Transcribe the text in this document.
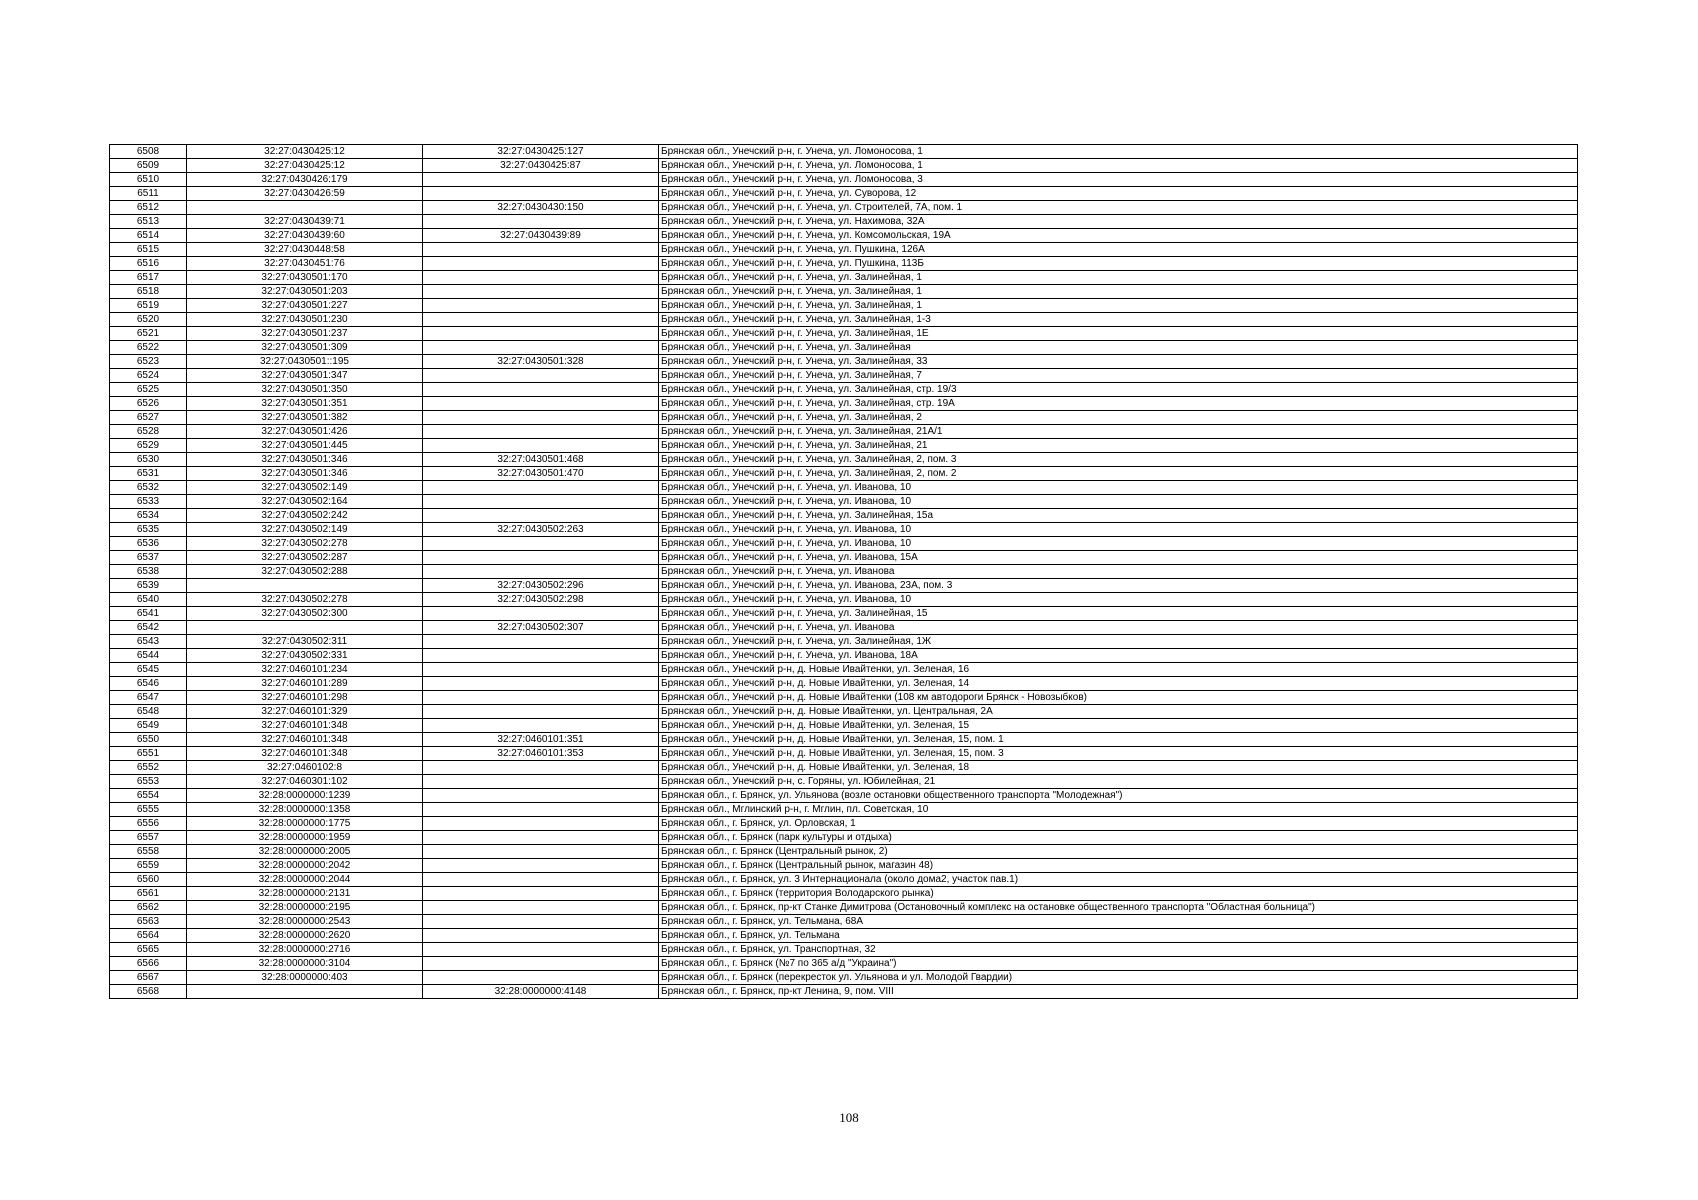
6508	32:27:0430425:12	32:27:0430425:127	Брянская обл., Унечский р-н, г. Унеча, ул. Ломоносова, 1
6509	32:27:0430425:12	32:27:0430425:87	Брянская обл., Унечский р-н, г. Унеча, ул. Ломоносова, 1
6510	32:27:0430426:179		Брянская обл., Унечский р-н, г. Унеча, ул. Ломоносова, 3
6511	32:27:0430426:59		Брянская обл., Унечский р-н, г. Унеча, ул. Суворова, 12
6512		32:27:0430430:150	Брянская обл., Унечский р-н, г. Унеча, ул. Строителей, 7А, пом. 1
6513	32:27:0430439:71		Брянская обл., Унечский р-н, г. Унеча, ул. Нахимова, 32А
6514	32:27:0430439:60	32:27:0430439:89	Брянская обл., Унечский р-н, г. Унеча, ул. Комсомольская, 19А
6515	32:27:0430448:58		Брянская обл., Унечский р-н, г. Унеча, ул. Пушкина, 126А
6516	32:27:0430451:76		Брянская обл., Унечский р-н, г. Унеча, ул. Пушкина, 113Б
6517	32:27:0430501:170		Брянская обл., Унечский р-н, г. Унеча, ул. Залинейная, 1
6518	32:27:0430501:203		Брянская обл., Унечский р-н, г. Унеча, ул. Залинейная, 1
6519	32:27:0430501:227		Брянская обл., Унечский р-н, г. Унеча, ул. Залинейная, 1
6520	32:27:0430501:230		Брянская обл., Унечский р-н, г. Унеча, ул. Залинейная, 1-3
6521	32:27:0430501:237		Брянская обл., Унечский р-н, г. Унеча, ул. Залинейная, 1Е
6522	32:27:0430501:309		Брянская обл., Унечский р-н, г. Унеча, ул. Залинейная
6523	32:27:0430501::195	32:27:0430501:328	Брянская обл., Унечский р-н, г. Унеча, ул. Залинейная, 33
6524	32:27:0430501:347		Брянская обл., Унечский р-н, г. Унеча, ул. Залинейная, 7
6525	32:27:0430501:350		Брянская обл., Унечский р-н, г. Унеча, ул. Залинейная, стр. 19/3
6526	32:27:0430501:351		Брянская обл., Унечский р-н, г. Унеча, ул. Залинейная, стр. 19А
6527	32:27:0430501:382		Брянская обл., Унечский р-н, г. Унеча, ул. Залинейная, 2
6528	32:27:0430501:426		Брянская обл., Унечский р-н, г. Унеча, ул. Залинейная, 21А/1
6529	32:27:0430501:445		Брянская обл., Унечский р-н, г. Унеча, ул. Залинейная, 21
6530	32:27:0430501:346	32:27:0430501:468	Брянская обл., Унечский р-н, г. Унеча, ул. Залинейная, 2, пом. 3
6531	32:27:0430501:346	32:27:0430501:470	Брянская обл., Унечский р-н, г. Унеча, ул. Залинейная, 2, пом. 2
6532	32:27:0430502:149		Брянская обл., Унечский р-н, г. Унеча, ул. Иванова, 10
6533	32:27:0430502:164		Брянская обл., Унечский р-н, г. Унеча, ул. Иванова, 10
6534	32:27:0430502:242		Брянская обл., Унечский р-н, г. Унеча, ул. Залинейная, 15а
6535	32:27:0430502:149	32:27:0430502:263	Брянская обл., Унечский р-н, г. Унеча, ул. Иванова, 10
6536	32:27:0430502:278		Брянская обл., Унечский р-н, г. Унеча, ул. Иванова, 10
6537	32:27:0430502:287		Брянская обл., Унечский р-н, г. Унеча, ул. Иванова, 15А
6538	32:27:0430502:288		Брянская обл., Унечский р-н, г. Унеча, ул. Иванова
6539		32:27:0430502:296	Брянская обл., Унечский р-н, г. Унеча, ул. Иванова, 23А, пом. 3
6540	32:27:0430502:278	32:27:0430502:298	Брянская обл., Унечский р-н, г. Унеча, ул. Иванова, 10
6541	32:27:0430502:300		Брянская обл., Унечский р-н, г. Унеча, ул. Залинейная, 15
6542		32:27:0430502:307	Брянская обл., Унечский р-н, г. Унеча, ул. Иванова
6543	32:27:0430502:311		Брянская обл., Унечский р-н, г. Унеча, ул. Залинейная, 1Ж
6544	32:27:0430502:331		Брянская обл., Унечский р-н, г. Унеча, ул. Иванова, 18А
6545	32:27:0460101:234		Брянская обл., Унечский р-н, д. Новые Ивайтенки, ул. Зеленая, 16
6546	32:27:0460101:289		Брянская обл., Унечский р-н, д. Новые Ивайтенки, ул. Зеленая, 14
6547	32:27:0460101:298		Брянская обл., Унечский р-н, д. Новые Ивайтенки (108 км автодороги Брянск - Новозыбков)
6548	32:27:0460101:329		Брянская обл., Унечский р-н, д. Новые Ивайтенки, ул. Центральная, 2А
6549	32:27:0460101:348		Брянская обл., Унечский р-н, д. Новые Ивайтенки, ул. Зеленая, 15
6550	32:27:0460101:348	32:27:0460101:351	Брянская обл., Унечский р-н, д. Новые Ивайтенки, ул. Зеленая, 15, пом. 1
6551	32:27:0460101:348	32:27:0460101:353	Брянская обл., Унечский р-н, д. Новые Ивайтенки, ул. Зеленая, 15, пом. 3
6552	32:27:0460102:8		Брянская обл., Унечский р-н, д. Новые Ивайтенки, ул. Зеленая, 18
6553	32:27:0460301:102		Брянская обл., Унечский р-н, с. Горяны, ул. Юбилейная, 21
6554	32:28:0000000:1239		Брянская обл., г. Брянск, ул. Ульянова (возле остановки общественного транспорта "Молодежная")
6555	32:28:0000000:1358		Брянская обл., Мглинский р-н, г. Мглин, пл. Советская, 10
6556	32:28:0000000:1775		Брянская обл., г. Брянск, ул. Орловская, 1
6557	32:28:0000000:1959		Брянская обл., г. Брянск (парк культуры и отдыха)
6558	32:28:0000000:2005		Брянская обл., г. Брянск (Центральный рынок, 2)
6559	32:28:0000000:2042		Брянская обл., г. Брянск (Центральный рынок, магазин 48)
6560	32:28:0000000:2044		Брянская обл., г. Брянск, ул. 3 Интернационала (около дома2, участок пав.1)
6561	32:28:0000000:2131		Брянская обл., г. Брянск (территория Володарского рынка)
6562	32:28:0000000:2195		Брянская обл., г. Брянск, пр-кт Станке Димитрова (Остановочный комплекс на остановке общественного транспорта "Областная больница")
6563	32:28:0000000:2543		Брянская обл., г. Брянск, ул. Тельмана, 68А
6564	32:28:0000000:2620		Брянская обл., г. Брянск, ул. Тельмана
6565	32:28:0000000:2716		Брянская обл., г. Брянск, ул. Транспортная, 32
6566	32:28:0000000:3104		Брянская обл., г. Брянск (№7 по 365 а/д "Украина")
6567	32:28:0000000:403		Брянская обл., г. Брянск (перекресток ул. Ульянова и ул. Молодой Гвардии)
6568		32:28:0000000:4148	Брянская обл., г. Брянск, пр-кт Ленина, 9, пом. VIII
108
